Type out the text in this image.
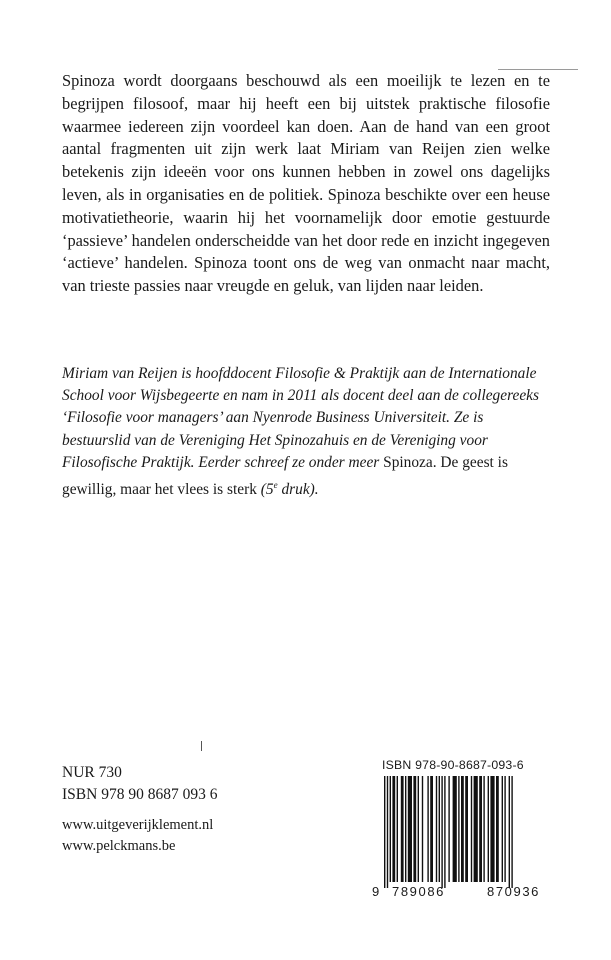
Spinoza wordt doorgaans beschouwd als een moeilijk te lezen en te begrijpen filosoof, maar hij heeft een bij uitstek praktische filosofie waarmee iedereen zijn voordeel kan doen. Aan de hand van een groot aantal fragmenten uit zijn werk laat Miriam van Reijen zien welke betekenis zijn ideeën voor ons kunnen hebben in zowel ons dagelijks leven, als in organisaties en de politiek. Spinoza beschikte over een heuse motivatietheorie, waarin hij het voornamelijk door emotie gestuurde ‘passieve’ handelen onderscheidde van het door rede en inzicht ingegeven ‘actieve’ handelen. Spinoza toont ons de weg van onmacht naar macht, van trieste passies naar vreugde en geluk, van lijden naar leiden.

Miriam van Reijen is hoofddocent Filosofie & Praktijk aan de Internationale School voor Wijsbegeerte en nam in 2011 als docent deel aan de collegereeks ‘Filosofie voor managers’ aan Nyenrode Business Universiteit. Ze is bestuurslid van de Vereniging Het Spinozahuis en de Vereniging voor Filosofische Praktijk. Eerder schreef ze onder meer Spinoza. De geest is gewillig, maar het vlees is sterk (5e druk).

NUR 730
ISBN 978 90 8687 093 6
www.uitgeverijklement.nl
www.pelckmans.be
ISBN 978-90-8687-093-6
9 789086	870936
